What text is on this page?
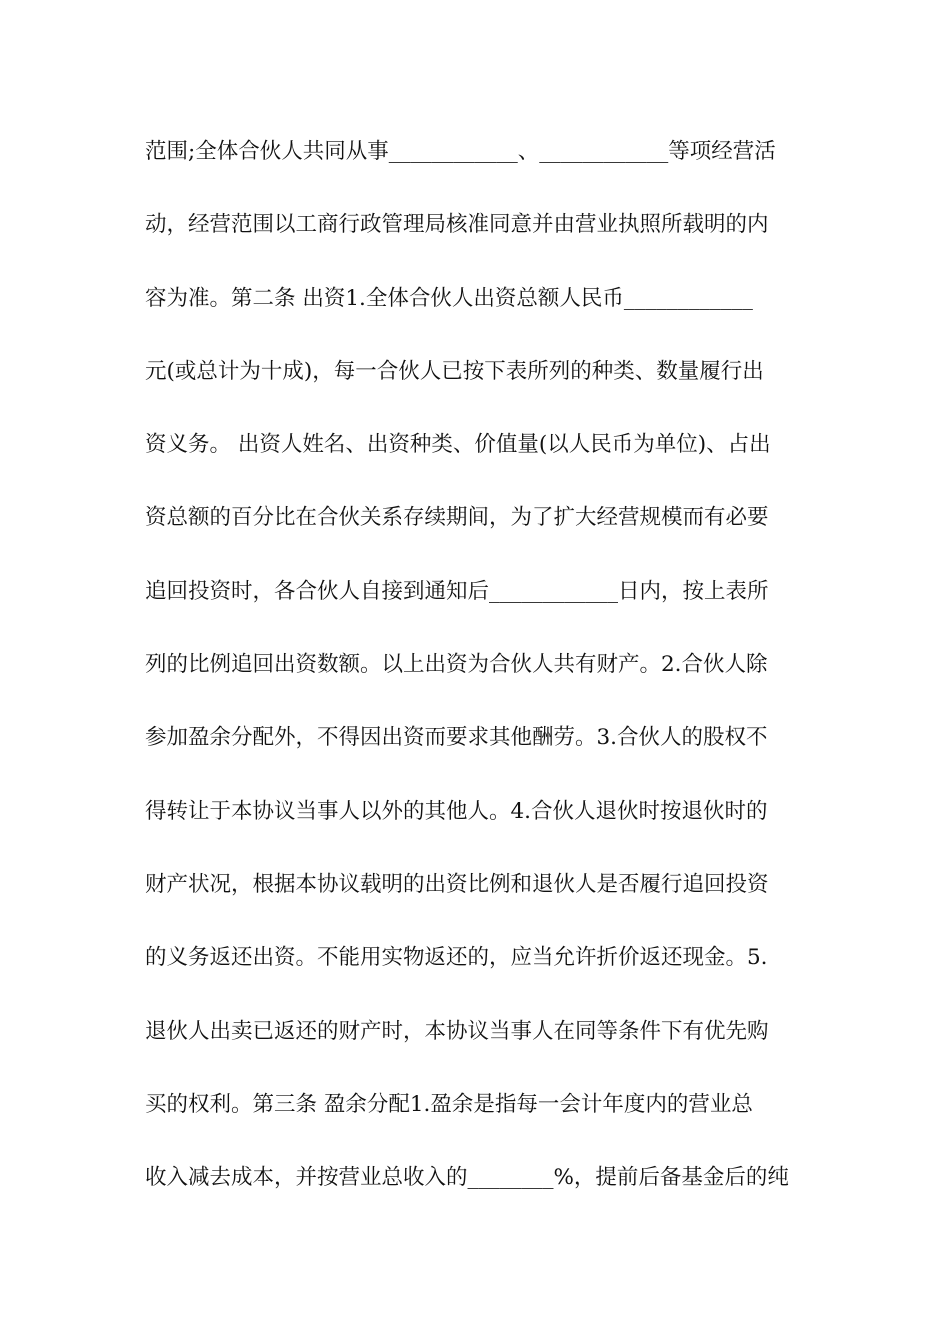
范围;全体合伙人共同从事____________、____________等项经营活
动，经营范围以工商行政管理局核准同意并由营业执照所载明的内
容为准。第二条 出资1.全体合伙人出资总额人民币____________
元(或总计为十成)，每一合伙人已按下表所列的种类、数量履行出
资义务。 出资人姓名、出资种类、价值量(以人民币为单位)、占出
资总额的百分比在合伙关系存续期间，为了扩大经营规模而有必要
追回投资时，各合伙人自接到通知后____________日内，按上表所
列的比例追回出资数额。以上出资为合伙人共有财产。2.合伙人除
参加盈余分配外，不得因出资而要求其他酬劳。3.合伙人的股权不
得转让于本协议当事人以外的其他人。4.合伙人退伙时按退伙时的
财产状况，根据本协议载明的出资比例和退伙人是否履行追回投资
的义务返还出资。不能用实物返还的，应当允许折价返还现金。5.
退伙人出卖已返还的财产时，本协议当事人在同等条件下有优先购
买的权利。第三条 盈余分配1.盈余是指每一会计年度内的营业总
收入减去成本，并按营业总收入的________%，提前后备基金后的纯
